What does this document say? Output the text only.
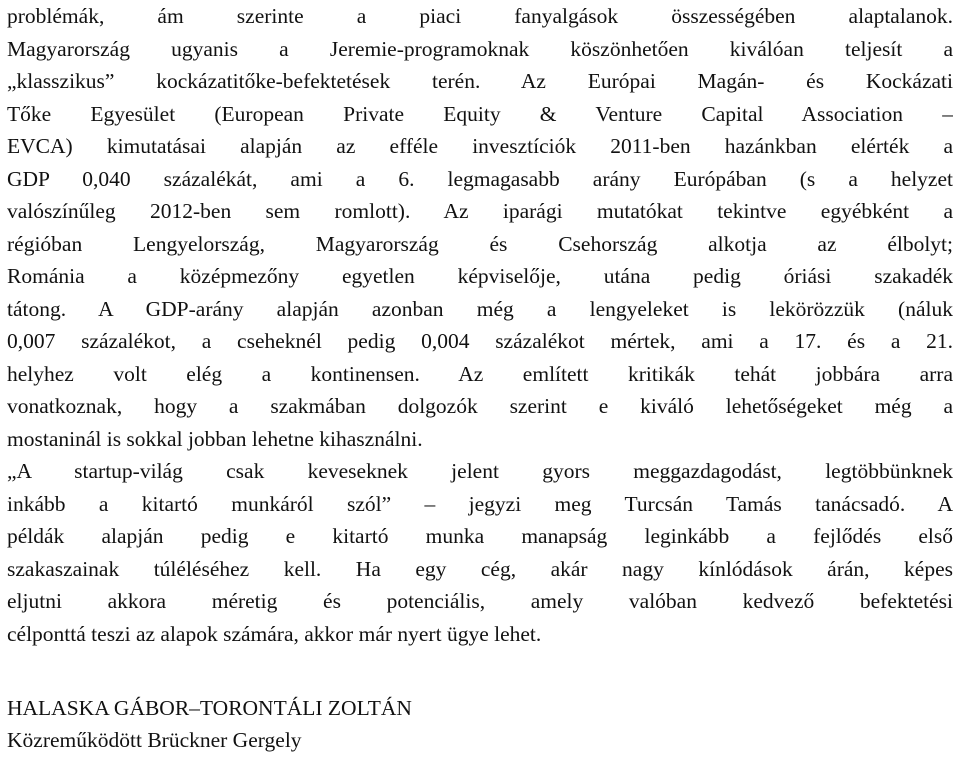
problémák, ám szerinte a piaci fanyalgások összességében alaptalanok.
Magyarország ugyanis a Jeremie-programoknak köszönhetően kiválóan teljesít a
„klasszikus” kockázatitőke-befektetések terén. Az Európai Magán- és Kockázati
Tőke Egyesület (European Private Equity & Venture Capital Association –
EVCA) kimutatásai alapján az efféle invesztíciók 2011-ben hazánkban elérték a
GDP 0,040 százalékát, ami a 6. legmagasabb arány Európában (s a helyzet
valószínűleg 2012-ben sem romlott). Az iparági mutatókat tekintve egyébként a
régióban Lengyelország, Magyarország és Csehország alkotja az élbolyt;
Románia a középmezőny egyetlen képviselője, utána pedig óriási szakadék
tátong. A GDP-arány alapján azonban még a lengyeleket is lekörözzük (náluk
0,007 százalékot, a cseheknél pedig 0,004 százalékot mértek, ami a 17. és a 21.
helyhez volt elég a kontinensen. Az említett kritikák tehát jobbára arra
vonatkoznak, hogy a szakmában dolgozók szerint e kiváló lehetőségeket még a
mostaninál is sokkal jobban lehetne kihasználni.
„A startup-világ csak keveseknek jelent gyors meggazdagodást, legtöbbünknek
inkább a kitartó munkáról szól” – jegyzi meg Turcsán Tamás tanácsadó. A
példák alapján pedig e kitartó munka manapság leginkább a fejlődés első
szakaszainak túléléséhez kell. Ha egy cég, akár nagy kínlódások árán, képes
eljutni akkora méretig és potenciális, amely valóban kedvező befektetési
célponttá teszi az alapok számára, akkor már nyert ügye lehet.
HALASKA GÁBOR–TORONTÁLI ZOLTÁN
Közreműködött Brückner Gergely
